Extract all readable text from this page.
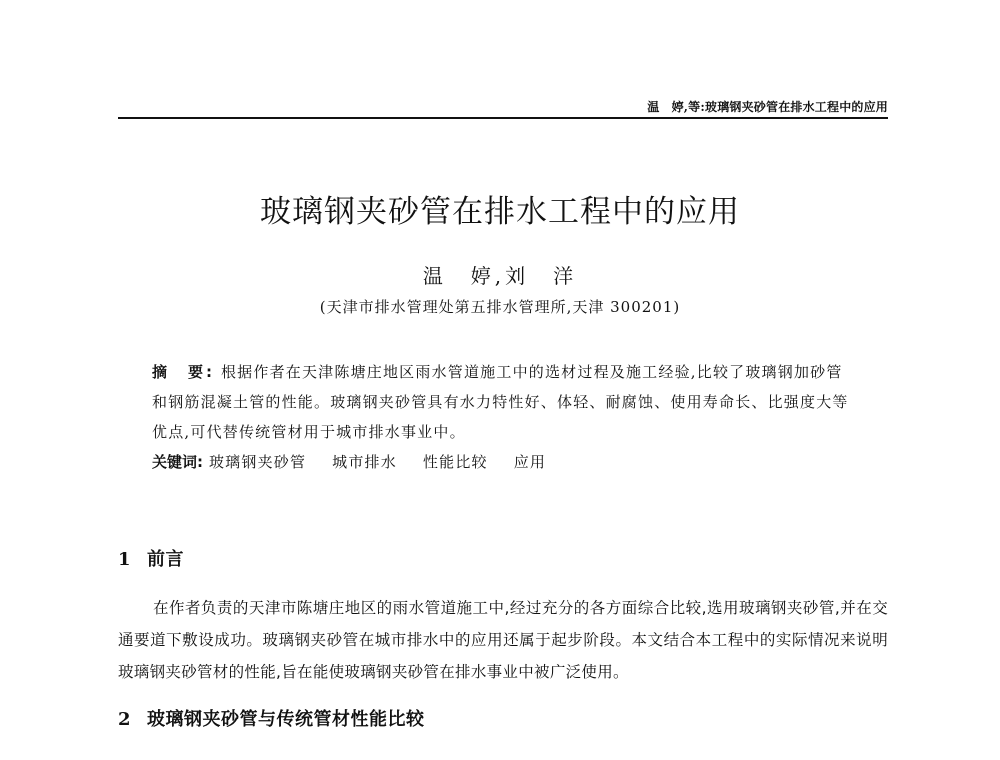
温　婷,等:玻璃钢夹砂管在排水工程中的应用
玻璃钢夹砂管在排水工程中的应用
温　婷,刘　洋
(天津市排水管理处第五排水管理所,天津 300201)
摘　要: 根据作者在天津陈塘庄地区雨水管道施工中的选材过程及施工经验,比较了玻璃钢加砂管和钢筋混凝土管的性能。玻璃钢夹砂管具有水力特性好、体轻、耐腐蚀、使用寿命长、比强度大等优点,可代替传统管材用于城市排水事业中。

关键词: 玻璃钢夹砂管 城市排水 性能比较 应用

1 前言

在作者负责的天津市陈塘庄地区的雨水管道施工中,经过充分的各方面综合比较,选用玻璃钢夹砂管,并在交通要道下敷设成功。玻璃钢夹砂管在城市排水中的应用还属于起步阶段。本文结合本工程中的实际情况来说明玻璃钢夹砂管材的性能,旨在能使玻璃钢夹砂管在排水事业中被广泛使用。

2 玻璃钢夹砂管与传统管材性能比较
